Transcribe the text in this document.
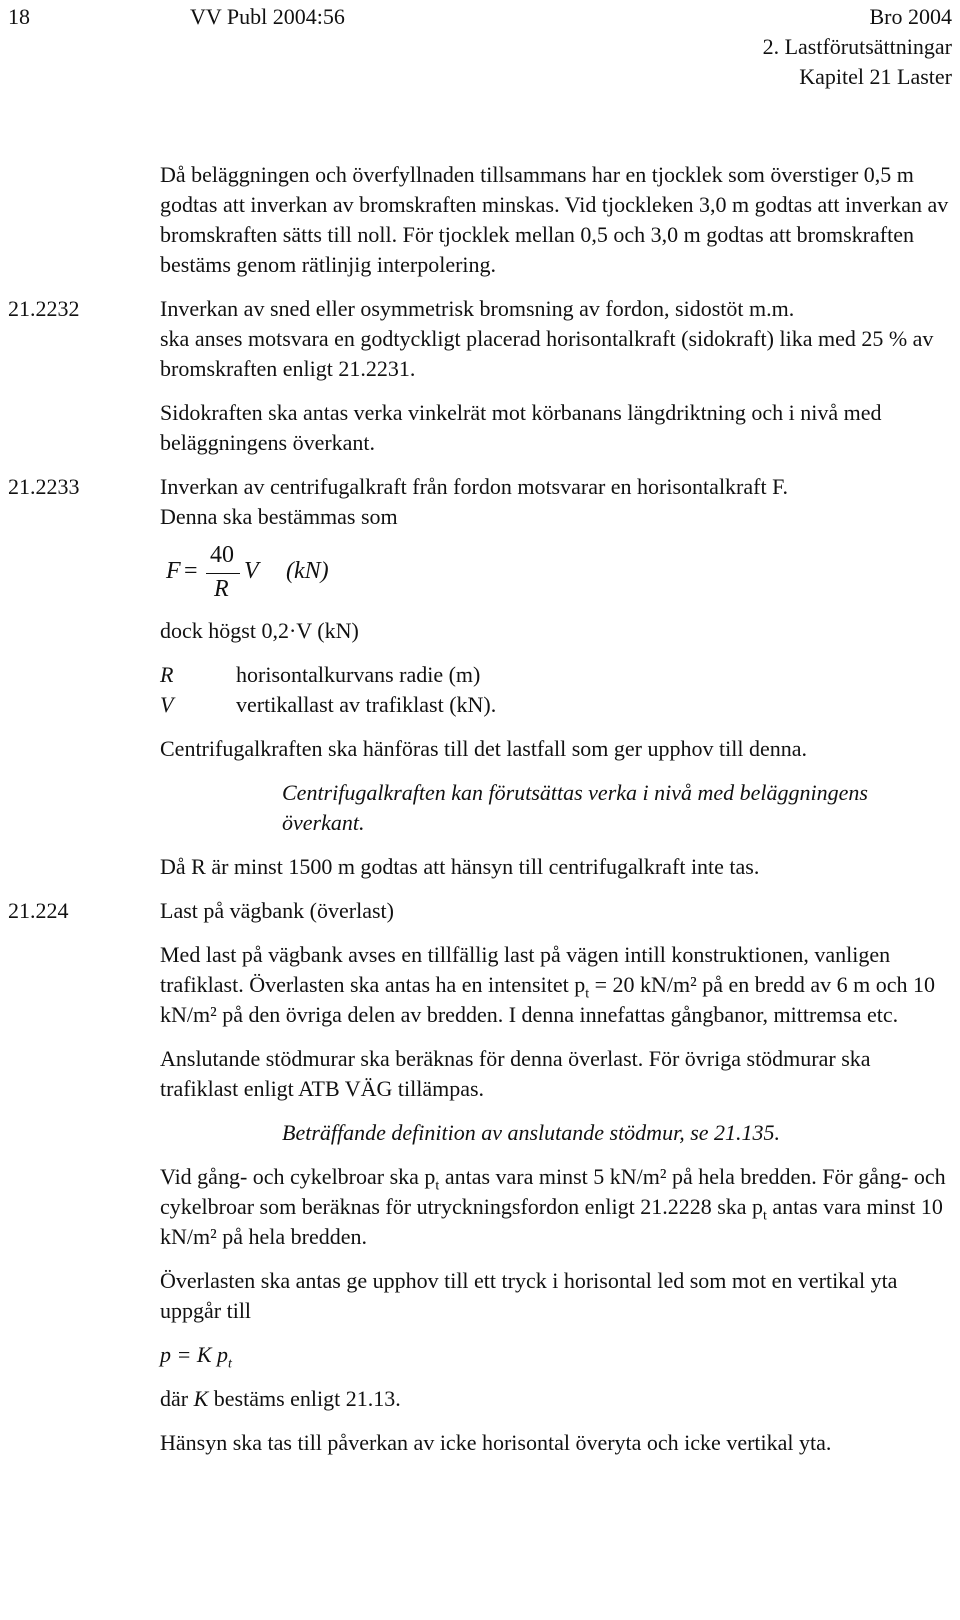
18	VV Publ 2004:56	Bro 2004
2. Lastförutsättningar
Kapitel 21 Laster

Då beläggningen och överfyllnaden tillsammans har en tjocklek som överstiger 0,5 m godtas att inverkan av bromskraften minskas. Vid tjockleken 3,0 m godtas att inverkan av bromskraften sätts till noll. För tjocklek mellan 0,5 och 3,0 m godtas att bromskraften bestäms genom rätlinjig interpolering.

21.2232	Inverkan av sned eller osymmetrisk bromsning av fordon, sidostöt m.m.

ska anses motsvara en godtyckligt placerad horisontalkraft (sidokraft) lika med 25 % av bromskraften enligt 21.2231.

Sidokraften ska antas verka vinkelrät mot körbanans längdriktning och i nivå med beläggningens överkant.

21.2233	Inverkan av centrifugalkraft från fordon motsvarar en horisontalkraft F.

Denna ska bestämmas som

F =
40
R
V (kN)

dock högst 0,2·V (kN)

R	horisontalkurvans radie (m)
V	vertikallast av trafiklast (kN).

Centrifugalkraften ska hänföras till det lastfall som ger upphov till denna.

Centrifugalkraften kan förutsättas verka i nivå med beläggningens överkant.

Då R är minst 1500 m godtas att hänsyn till centrifugalkraft inte tas.

21.224	Last på vägbank (överlast)

Med last på vägbank avses en tillfällig last på vägen intill konstruktionen, vanligen trafiklast. Överlasten ska antas ha en intensitet $p_t = 20$ kN/m² på en bredd av 6 m och 10 kN/m² på den övriga delen av bredden. I denna innefattas gångbanor, mittremsa etc.

Anslutande stödmurar ska beräknas för denna överlast. För övriga stödmurar ska trafiklast enligt ATB VÄG tillämpas.

Beträffande definition av anslutande stödmur, se 21.135.

Vid gång- och cykelbroar ska $p_t$ antas vara minst 5 kN/m² på hela bredden. För gång- och cykelbroar som beräknas för utryckningsfordon enligt 21.2228 ska $p_t$ antas vara minst 10 kN/m² på hela bredden.

Överlasten ska antas ge upphov till ett tryck i horisontal led som mot en vertikal yta uppgår till

p = K $p_t$

där K bestäms enligt 21.13.

Hänsyn ska tas till påverkan av icke horisontal överyta och icke vertikal yta.
